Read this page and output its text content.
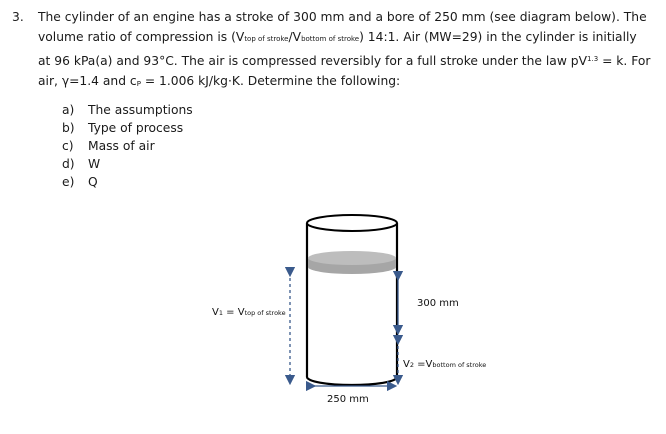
3. The cylinder of an engine has a stroke of 300 mm and a bore of 250 mm (see diagram below). The
volume ratio of compression is (Vtop of stroke/Vbottom of stroke) 14:1. Air (MW=29) in the cylinder is initially
at 96 kPa(a) and 93°C. The air is compressed reversibly for a full stroke under the law $pV^{1.3} = k$. For
air, γ=1.4 and cP = 1.006 kJ/kg·K. Determine the following:
a) The assumptions
b) Type of process
c) Mass of air
d) W
e) Q
V1 = Vtop of stroke
300 mm
V2 =Vbottom of stroke
250 mm
